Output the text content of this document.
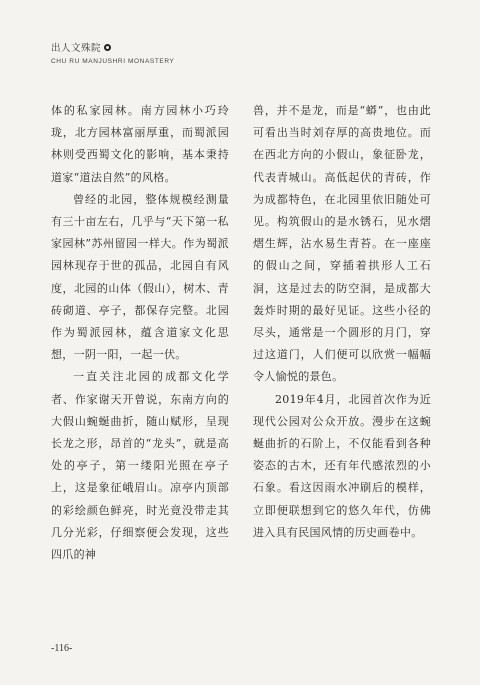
出人文殊院
CHU RU MANJUSHRI MONASTERY

体的私家园林。南方园林小巧玲珑，北方园林富丽厚重，而蜀派园林则受西蜀文化的影响，基本秉持道家“道法自然”的风格。

曾经的北园，整体规模经测量有三十亩左右，几乎与“天下第一私家园林”苏州留园一样大。作为蜀派园林现存于世的孤品，北园自有风度，北园的山体（假山），树木、青砖砌道、亭子，都保存完整。北园作为蜀派园林，蕴含道家文化思想，一阴一阳，一起一伏。

一直关注北园的成都文化学者、作家谢天开曾说，东南方向的大假山蜿蜒曲折，随山赋形，呈现长龙之形，昂首的“龙头”，就是高处的亭子，第一缕阳光照在亭子上，这是象征峨眉山。凉亭内顶部的彩绘颜色鲜亮，时光竟没带走其几分光彩，仔细察便会发现，这些四爪的神

兽，并不是龙，而是“蟒”，也由此可看出当时刘存厚的高贵地位。而在西北方向的小假山，象征卧龙，代表青城山。高低起伏的青砖，作为成都特色，在北园里依旧随处可见。构筑假山的是水锈石，见水熠熠生辉，沾水易生青苔。在一座座的假山之间，穿插着拱形人工石洞，这是过去的防空洞，是成都大轰炸时期的最好见证。这些小径的尽头，通常是一个圆形的月门，穿过这道门，人们便可以欣赏一幅幅令人愉悦的景色。

2019年4月，北园首次作为近现代公园对公众开放。漫步在这蜿蜒曲折的石阶上，不仅能看到各种姿态的古木，还有年代感浓烈的小石象。看这因雨水冲刷后的模样，立即便联想到它的悠久年代，仿佛进入具有民国风情的历史画卷中。

-116-
